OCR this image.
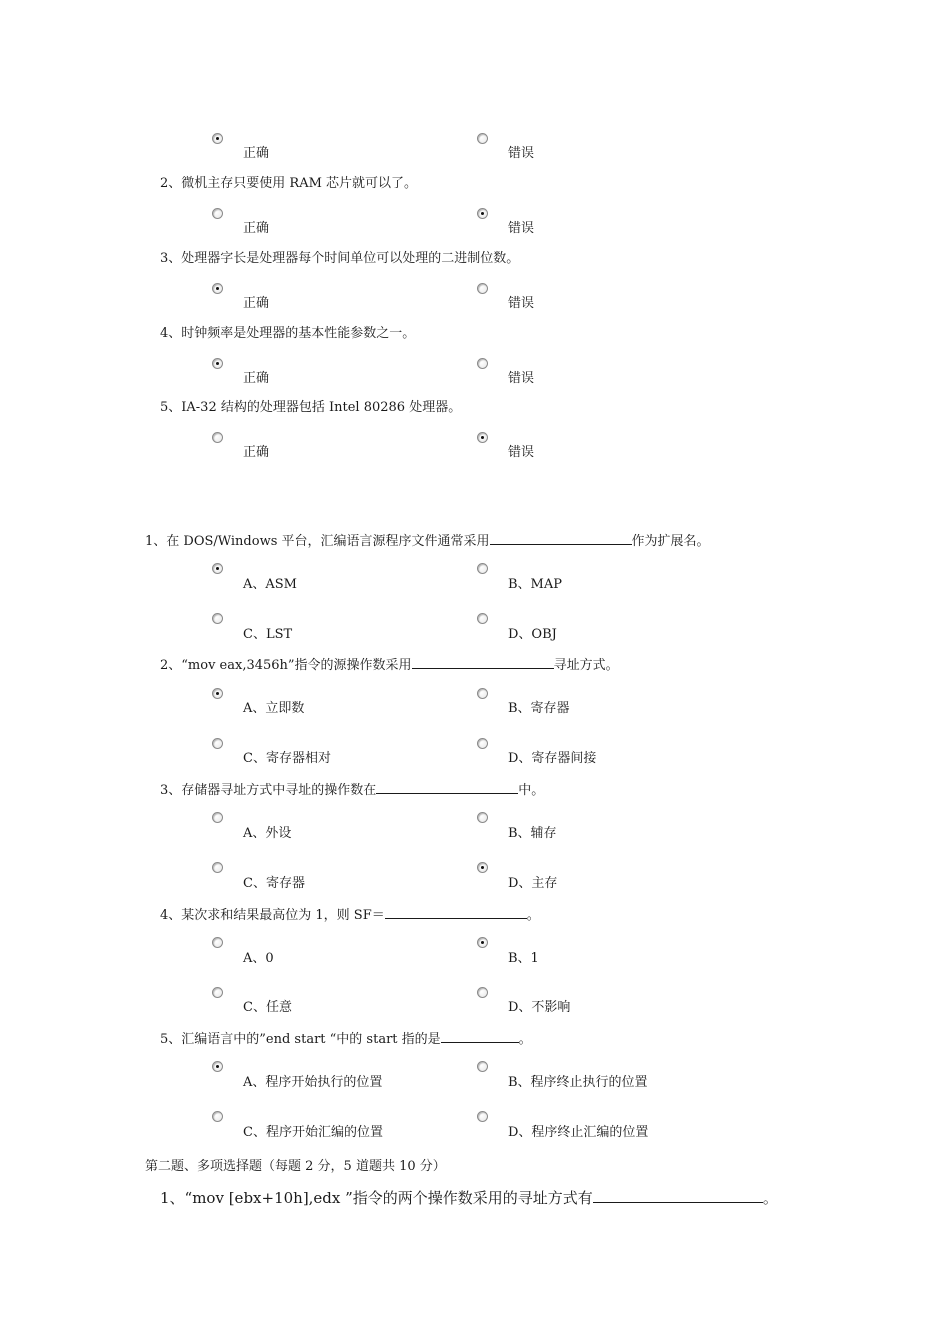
正确	错误
2、微机主存只要使用 RAM 芯片就可以了。
正确	错误
3、处理器字长是处理器每个时间单位可以处理的二进制位数。
正确	错误
4、时钟频率是处理器的基本性能参数之一。
正确	错误
5、IA-32 结构的处理器包括 Intel 80286 处理器。
正确	错误
1、在 DOS/Windows 平台，汇编语言源程序文件通常采用	作为扩展名。
A、ASM	B、MAP
C、LST	D、OBJ
2、“mov eax,3456h”指令的源操作数采用	寻址方式。
A、立即数	B、寄存器
C、寄存器相对	D、寄存器间接
3、存储器寻址方式中寻址的操作数在	中。
A、外设	B、辅存
C、寄存器	D、主存
4、某次求和结果最高位为 1，则 SF＝	。
A、0	B、1
C、任意	D、不影响
5、汇编语言中的”end start “中的 start 指的是	。
A、程序开始执行的位置	B、程序终止执行的位置
C、程序开始汇编的位置	D、程序终止汇编的位置
第二题、多项选择题（每题 2 分，5 道题共 10 分）
1、“mov [ebx+10h],edx ”指令的两个操作数采用的寻址方式有	。
